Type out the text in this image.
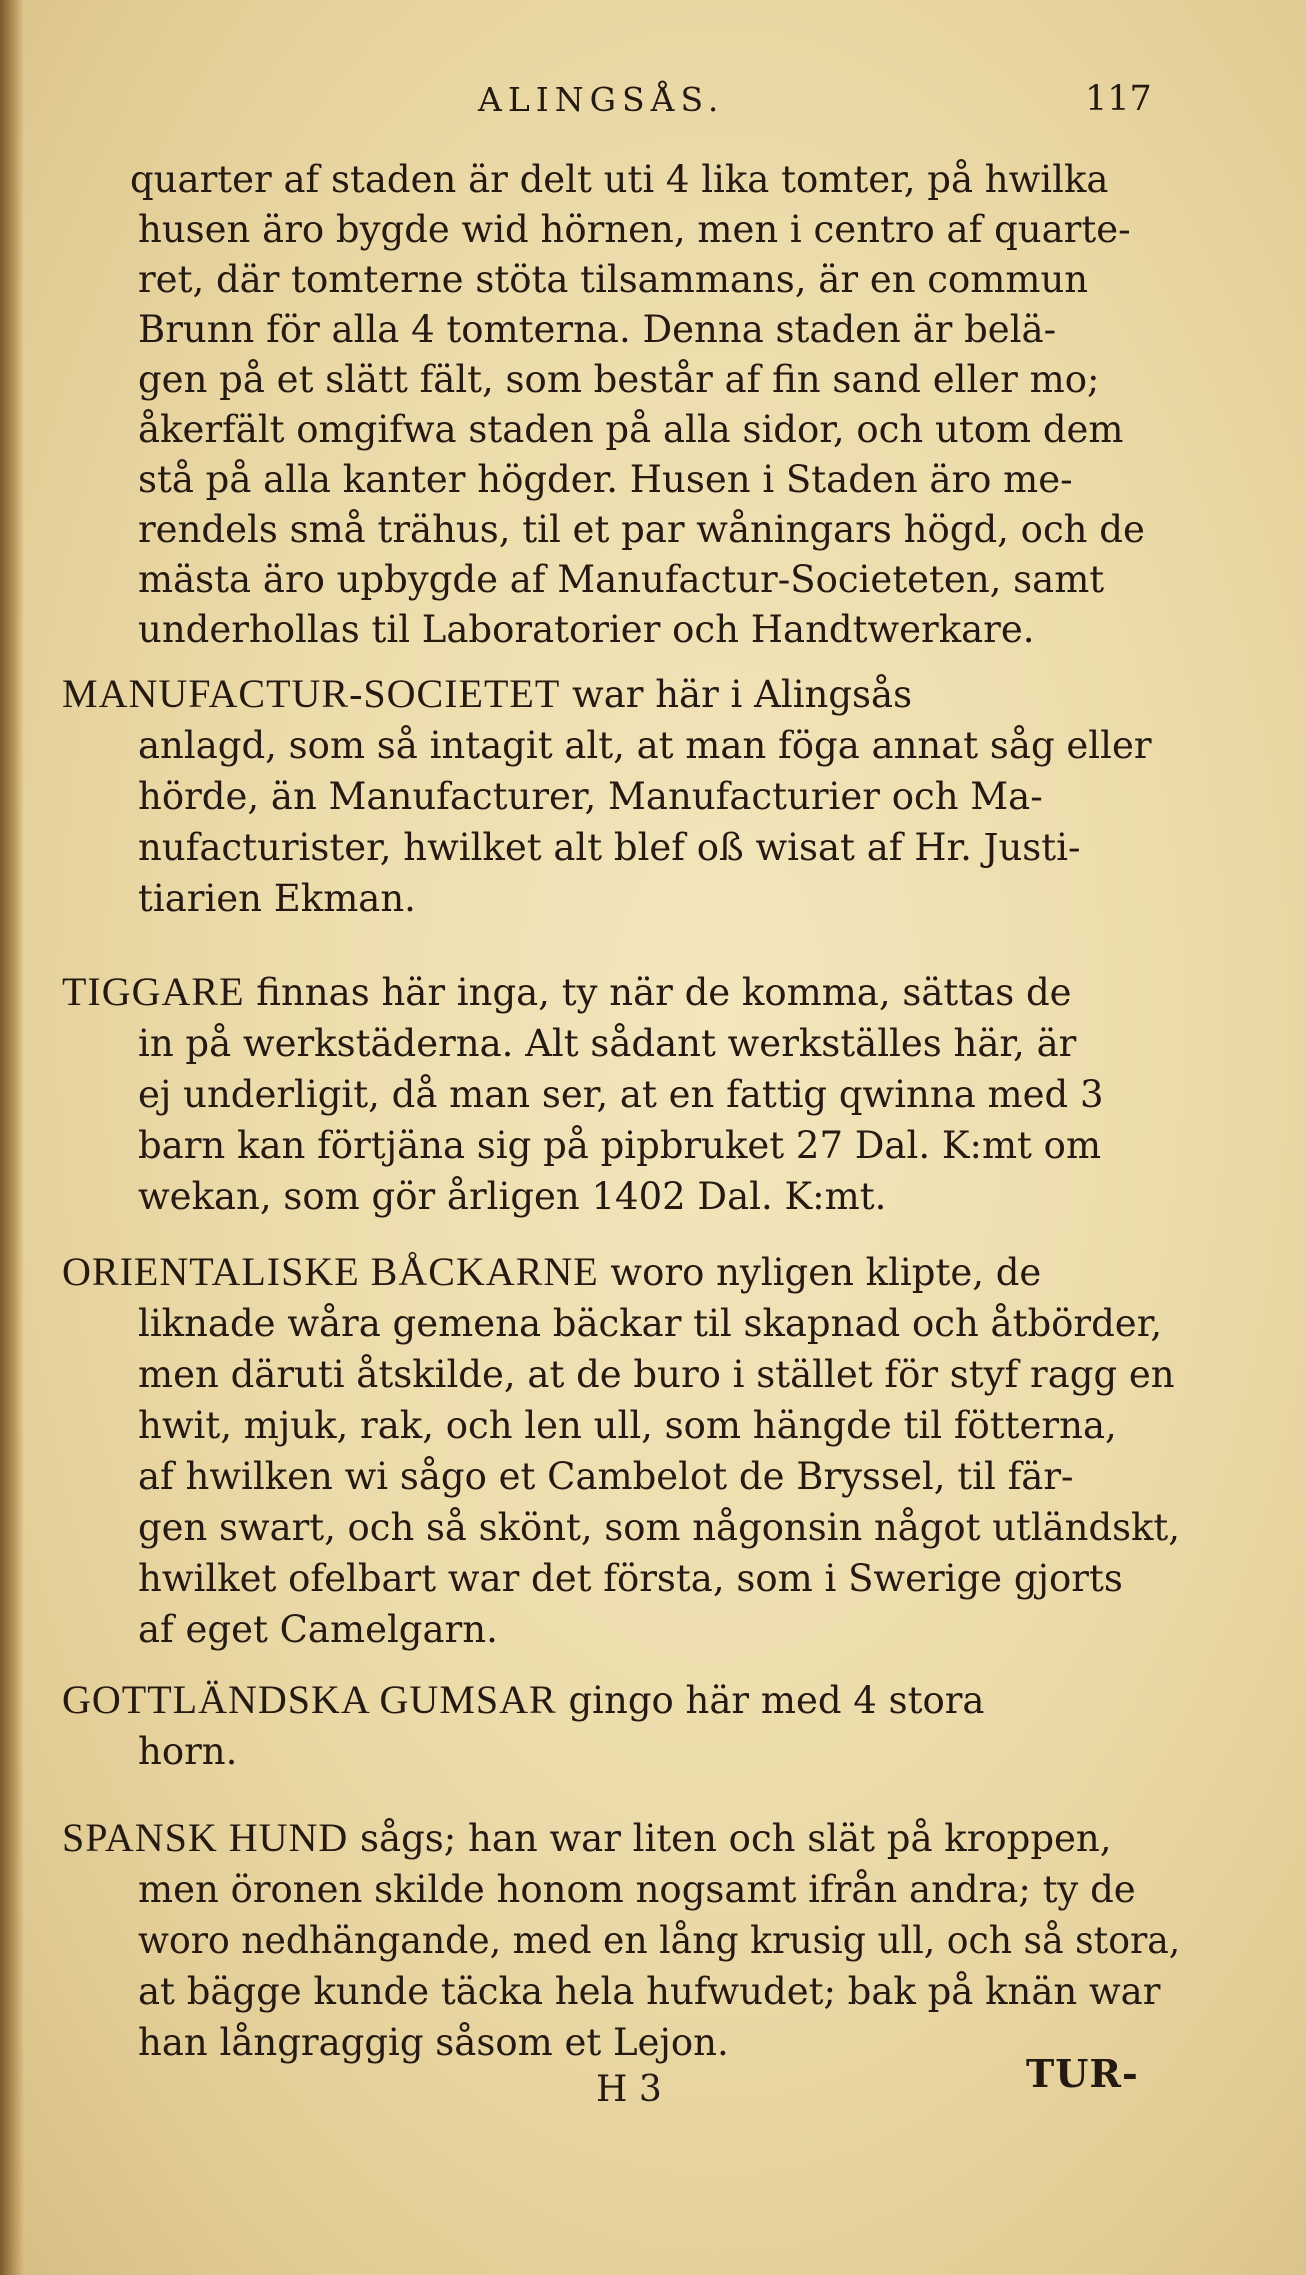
ALINGSÅS.	117
quarter af staden är delt uti 4 lika tomter, på hwilka
husen äro bygde wid hörnen, men i centro af quarte-
ret, där tomterne stöta tilsammans, är en commun
Brunn för alla 4 tomterna. Denna staden är belä-
gen på et slätt fält, som består af fin sand eller mo;
åkerfält omgifwa staden på alla sidor, och utom dem
stå på alla kanter högder. Husen i Staden äro me-
rendels små trähus, til et par wåningars högd, och de
mästa äro upbygde af Manufactur-Societeten, samt
underhollas til Laboratorier och Handtwerkare.
MANUFACTUR-SOCIETET war här i Alingsås
anlagd, som så intagit alt, at man föga annat såg eller
hörde, än Manufacturer, Manufacturier och Ma-
nufacturister, hwilket alt blef oß wisat af Hr. Justi-
tiarien Ekman.
TIGGARE finnas här inga, ty när de komma, sättas de
in på werkstäderna. Alt sådant werkställes här, är
ej underligit, då man ser, at en fattig qwinna med 3
barn kan förtjäna sig på pipbruket 27 Dal. K:mt om
wekan, som gör årligen 1402 Dal. K:mt.
ORIENTALISKE BÅCKARNE woro nyligen klipte, de
liknade wåra gemena bäckar til skapnad och åtbörder,
men däruti åtskilde, at de buro i stället för styf ragg en
hwit, mjuk, rak, och len ull, som hängde til fötterna,
af hwilken wi sågo et Cambelot de Bryssel, til fär-
gen swart, och så skönt, som någonsin något utländskt,
hwilket ofelbart war det första, som i Swerige gjorts
af eget Camelgarn.
GOTTLÄNDSKA GUMSAR gingo här med 4 stora
horn.
SPANSK HUND sågs; han war liten och slät på kroppen,
men öronen skilde honom nogsamt ifrån andra; ty de
woro nedhängande, med en lång krusig ull, och så stora,
at bägge kunde täcka hela hufwudet; bak på knän war
han långraggig såsom et Lejon.
H 3	TUR-
